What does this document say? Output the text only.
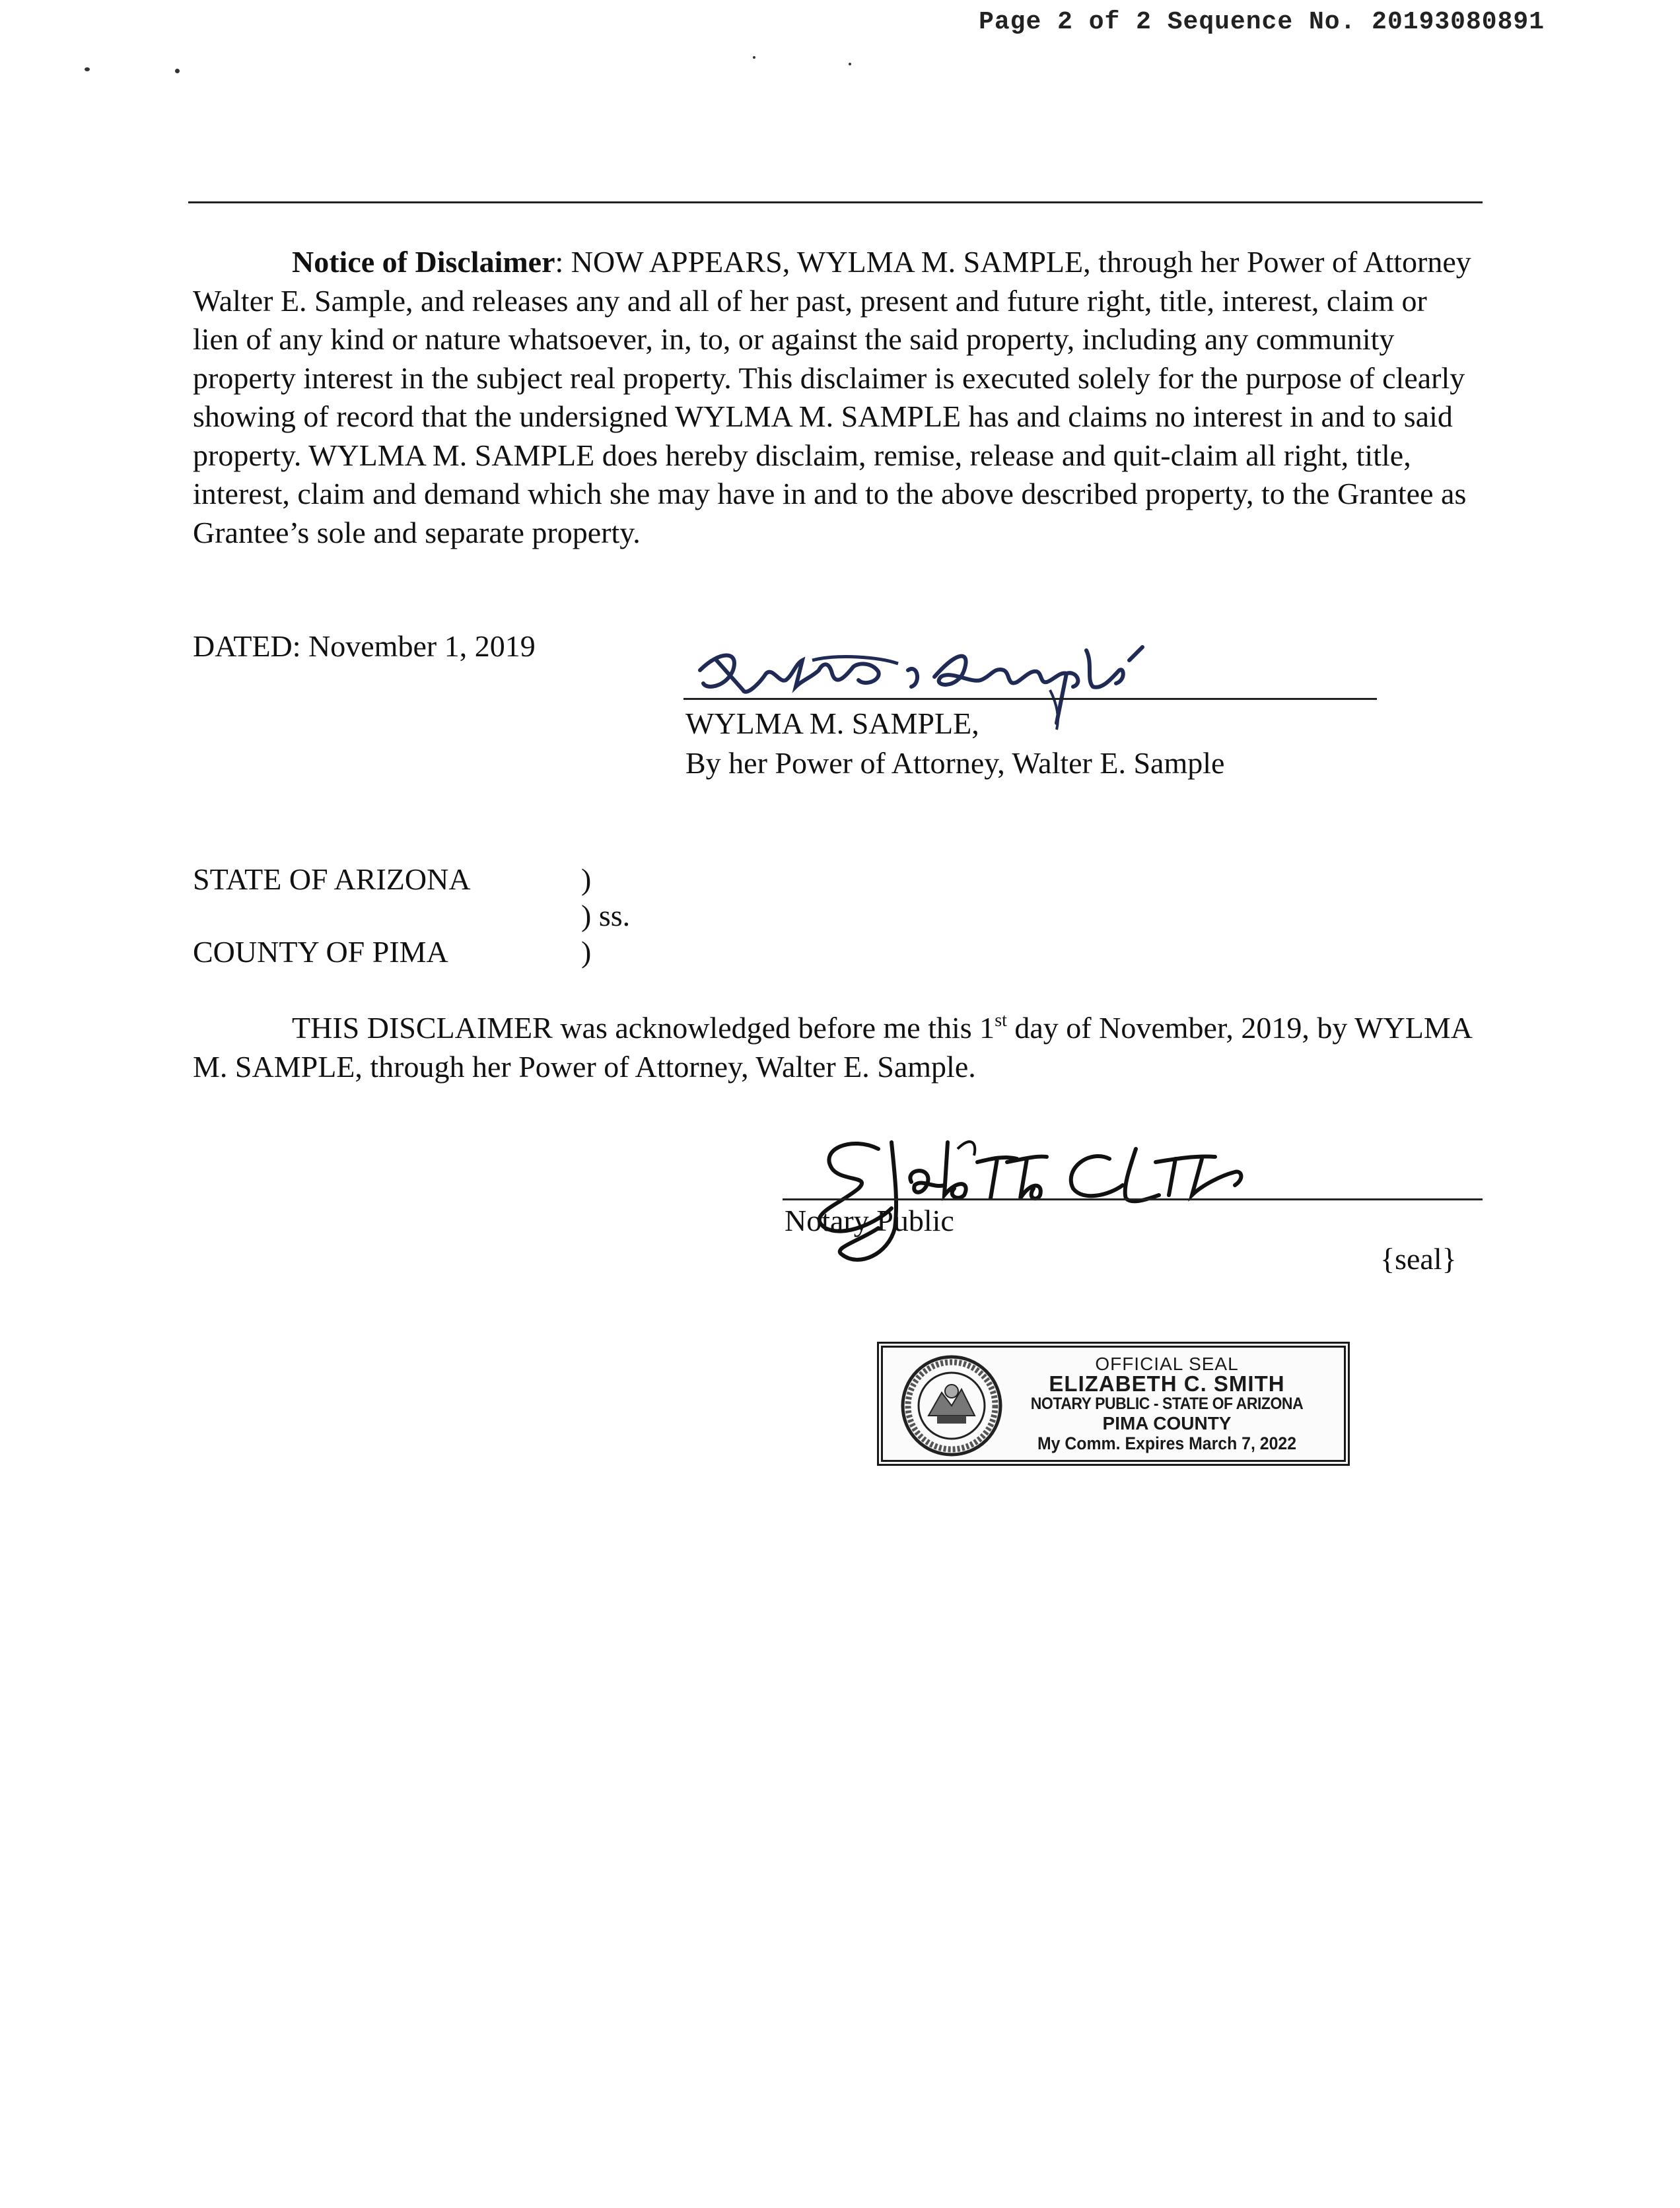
Page 2 of 2 Sequence No. 20193080891

Notice of Disclaimer: NOW APPEARS, WYLMA M. SAMPLE, through her Power of Attorney Walter E. Sample, and releases any and all of her past, present and future right, title, interest, claim or lien of any kind or nature whatsoever, in, to, or against the said property, including any community property interest in the subject real property. This disclaimer is executed solely for the purpose of clearly showing of record that the undersigned WYLMA M. SAMPLE has and claims no interest in and to said property. WYLMA M. SAMPLE does hereby disclaim, remise, release and quit-claim all right, title, interest, claim and demand which she may have in and to the above described property, to the Grantee as Grantee’s sole and separate property.

DATED: November 1, 2019
WYLMA M. SAMPLE,
By her Power of Attorney, Walter E. Sample
STATE OF ARIZONA	)
) ss.
COUNTY OF PIMA	)

THIS DISCLAIMER was acknowledged before me this 1st day of November, 2019, by WYLMA M. SAMPLE, through her Power of Attorney, Walter E. Sample.

Notary Public
{seal}
OFFICIAL SEAL
ELIZABETH C. SMITH
NOTARY PUBLIC - STATE OF ARIZONA
PIMA COUNTY
My Comm. Expires March 7, 2022
